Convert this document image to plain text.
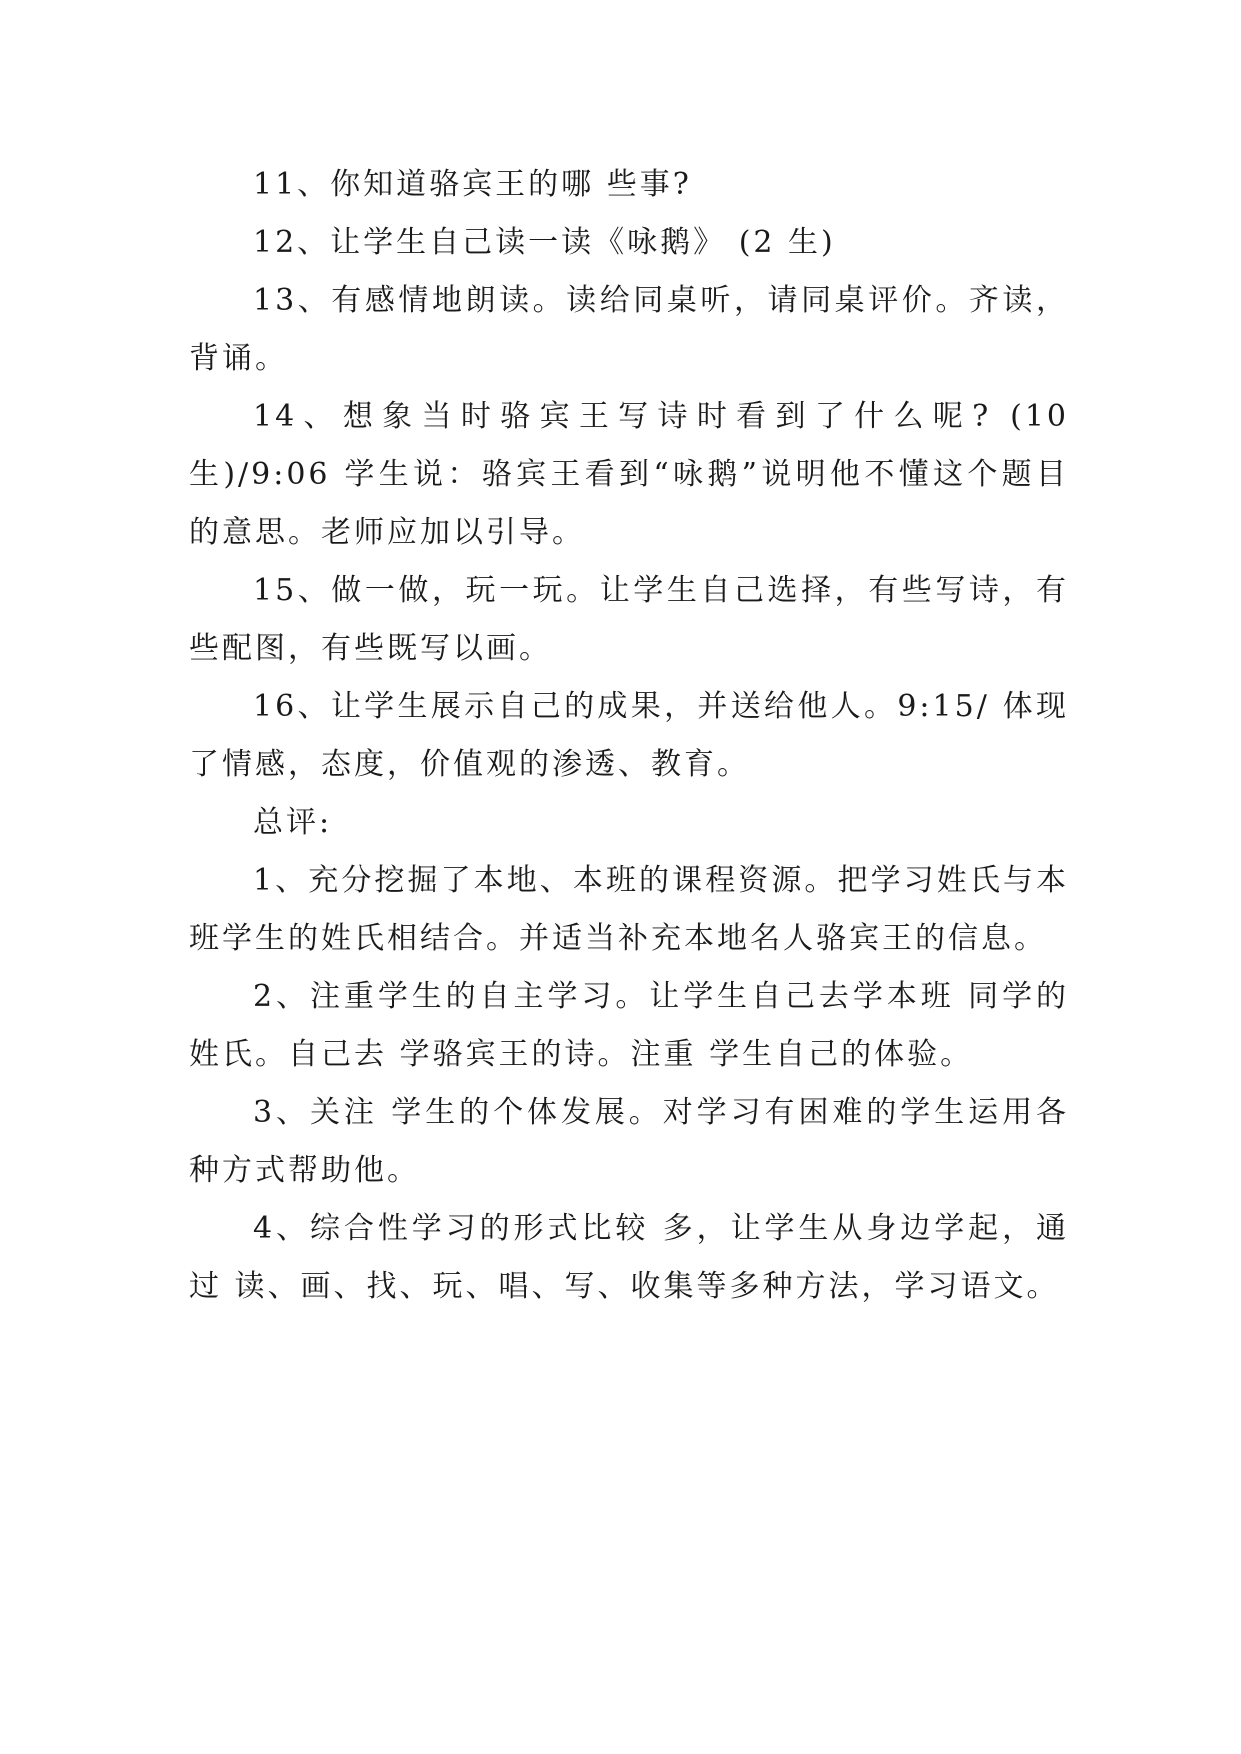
11、你知道骆宾王的哪 些事?

12、让学生自己读一读《咏鹅》 (2 生)

13、有感情地朗读。读给同桌听，请同桌评价。齐读，背诵。

14、想象当时骆宾王写诗时看到了什么呢? (10 生)/9:06 学生说：骆宾王看到“咏鹅”说明他不懂这个题目的意思。老师应加以引导。

15、做一做，玩一玩。让学生自己选择，有些写诗，有些配图，有些既写以画。

16、让学生展示自己的成果，并送给他人。9:15/ 体现了情感，态度，价值观的渗透、教育。

总评:

1、充分挖掘了本地、本班的课程资源。把学习姓氏与本班学生的姓氏相结合。并适当补充本地名人骆宾王的信息。

2、注重学生的自主学习。让学生自己去学本班 同学的姓氏。自己去 学骆宾王的诗。注重 学生自己的体验。

3、关注 学生的个体发展。对学习有困难的学生运用各种方式帮助他。

4、综合性学习的形式比较 多，让学生从身边学起，通过 读、画、找、玩、唱、写、收集等多种方法，学习语文。
